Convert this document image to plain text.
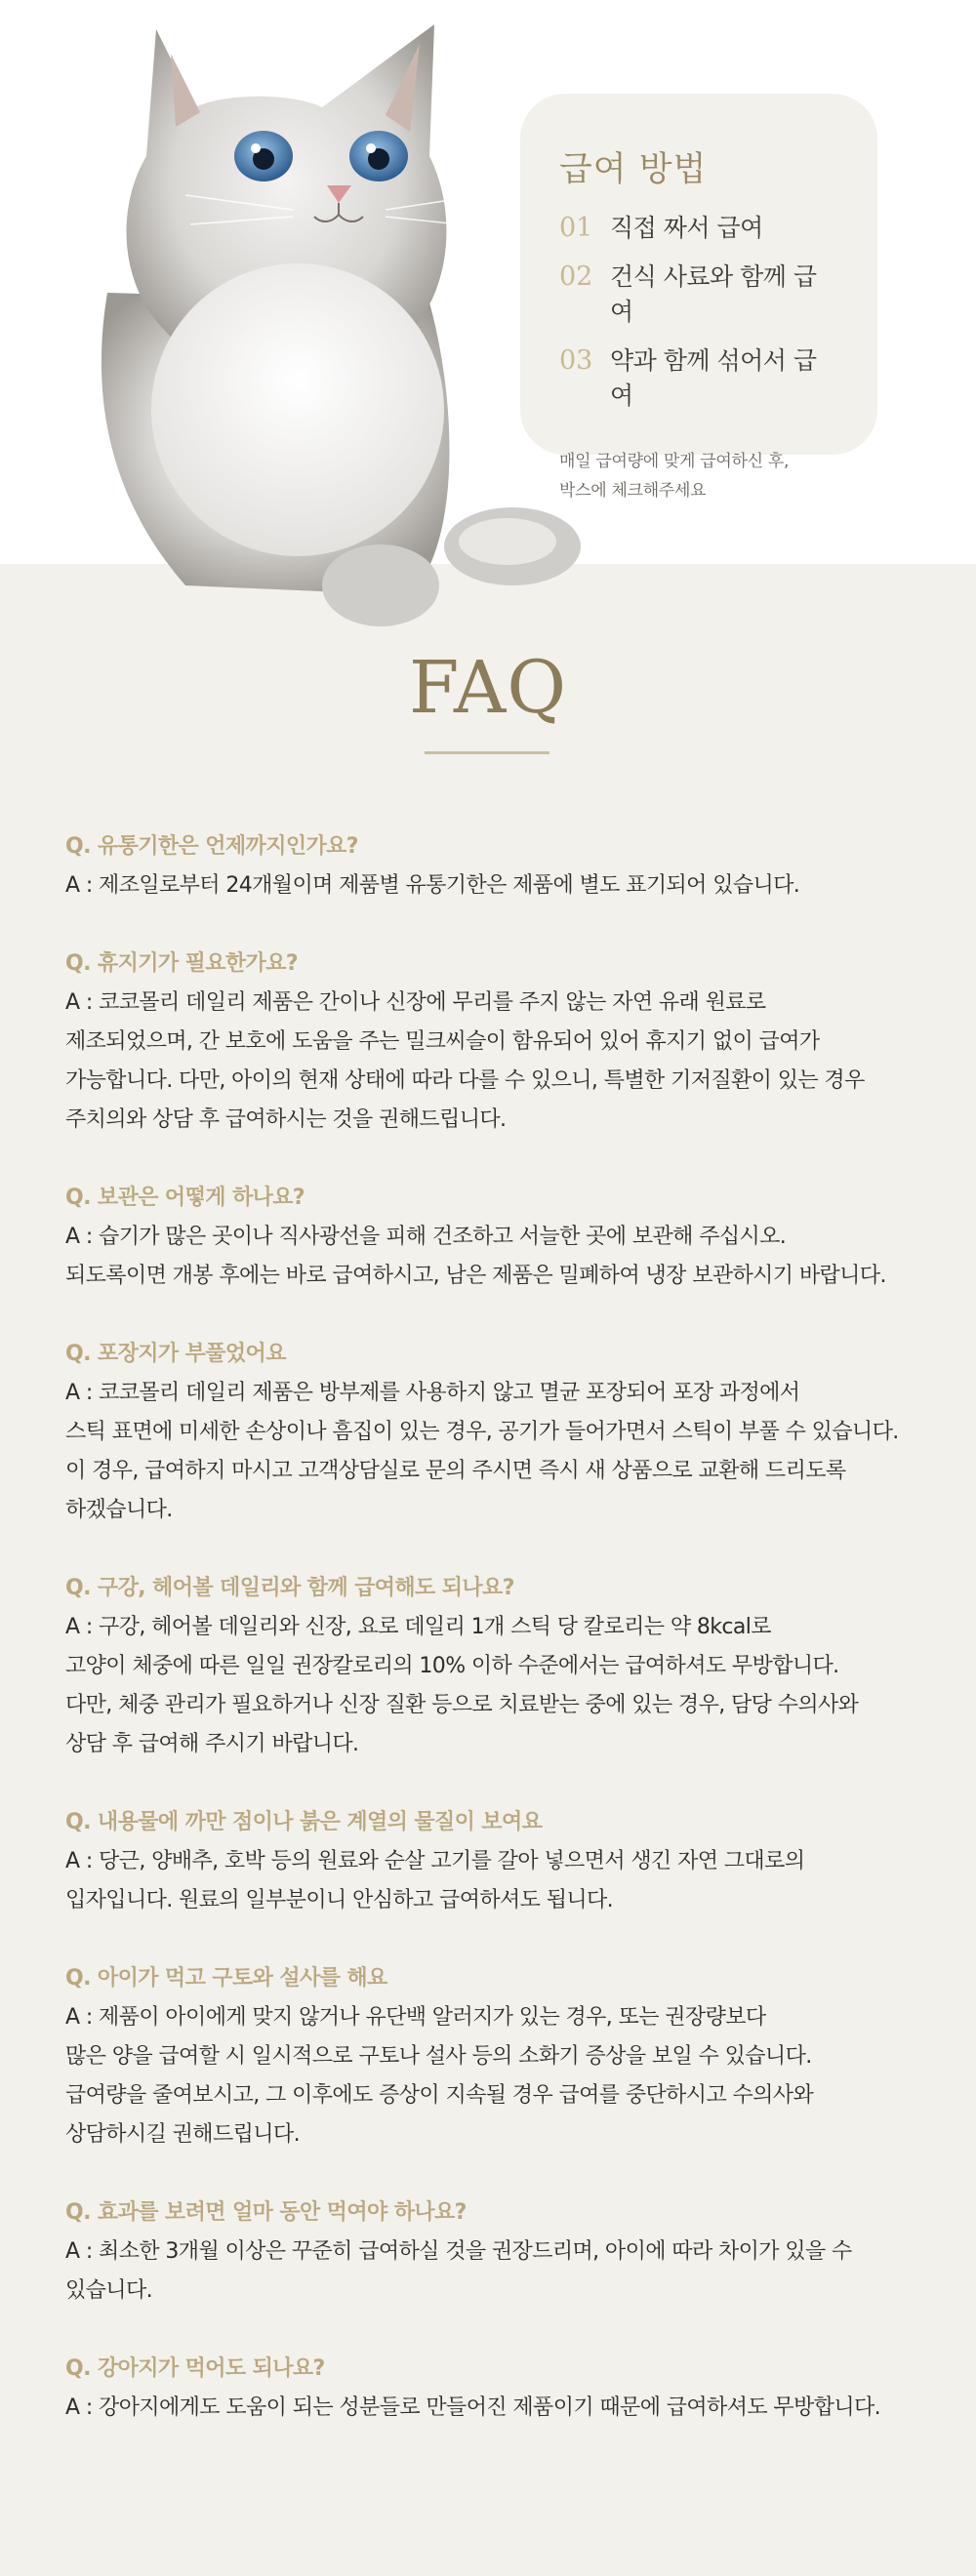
급여 방법
01 직접 짜서 급여
02 건식 사료와 함께 급여
03 약과 함께 섞어서 급여
매일 급여량에 맞게 급여하신 후,
박스에 체크해주세요
FAQ
Q. 유통기한은 언제까지인가요?
A : 제조일로부터 24개월이며 제품별 유통기한은 제품에 별도 표기되어 있습니다.
Q. 휴지기가 필요한가요?
A : 코코몰리 데일리 제품은 간이나 신장에 무리를 주지 않는 자연 유래 원료로
제조되었으며, 간 보호에 도움을 주는 밀크씨슬이 함유되어 있어 휴지기 없이 급여가
가능합니다. 다만, 아이의 현재 상태에 따라 다를 수 있으니, 특별한 기저질환이 있는 경우
주치의와 상담 후 급여하시는 것을 권해드립니다.
Q. 보관은 어떻게 하나요?
A : 습기가 많은 곳이나 직사광선을 피해 건조하고 서늘한 곳에 보관해 주십시오.
되도록이면 개봉 후에는 바로 급여하시고, 남은 제품은 밀폐하여 냉장 보관하시기 바랍니다.
Q. 포장지가 부풀었어요
A : 코코몰리 데일리 제품은 방부제를 사용하지 않고 멸균 포장되어 포장 과정에서
스틱 표면에 미세한 손상이나 흠집이 있는 경우, 공기가 들어가면서 스틱이 부풀 수 있습니다.
이 경우, 급여하지 마시고 고객상담실로 문의 주시면 즉시 새 상품으로 교환해 드리도록
하겠습니다.
Q. 구강, 헤어볼 데일리와 함께 급여해도 되나요?
A : 구강, 헤어볼 데일리와 신장, 요로 데일리 1개 스틱 당 칼로리는 약 8kcal로
고양이 체중에 따른 일일 권장칼로리의 10% 이하 수준에서는 급여하셔도 무방합니다.
다만, 체중 관리가 필요하거나 신장 질환 등으로 치료받는 중에 있는 경우, 담당 수의사와
상담 후 급여해 주시기 바랍니다.
Q. 내용물에 까만 점이나 붉은 계열의 물질이 보여요
A : 당근, 양배추, 호박 등의 원료와 순살 고기를 갈아 넣으면서 생긴 자연 그대로의
입자입니다. 원료의 일부분이니 안심하고 급여하셔도 됩니다.
Q. 아이가 먹고 구토와 설사를 해요
A : 제품이 아이에게 맞지 않거나 유단백 알러지가 있는 경우, 또는 권장량보다
많은 양을 급여할 시 일시적으로 구토나 설사 등의 소화기 증상을 보일 수 있습니다.
급여량을 줄여보시고, 그 이후에도 증상이 지속될 경우 급여를 중단하시고 수의사와
상담하시길 권해드립니다.
Q. 효과를 보려면 얼마 동안 먹여야 하나요?
A : 최소한 3개월 이상은 꾸준히 급여하실 것을 권장드리며, 아이에 따라 차이가 있을 수
있습니다.
Q. 강아지가 먹어도 되나요?
A : 강아지에게도 도움이 되는 성분들로 만들어진 제품이기 때문에 급여하셔도 무방합니다.
